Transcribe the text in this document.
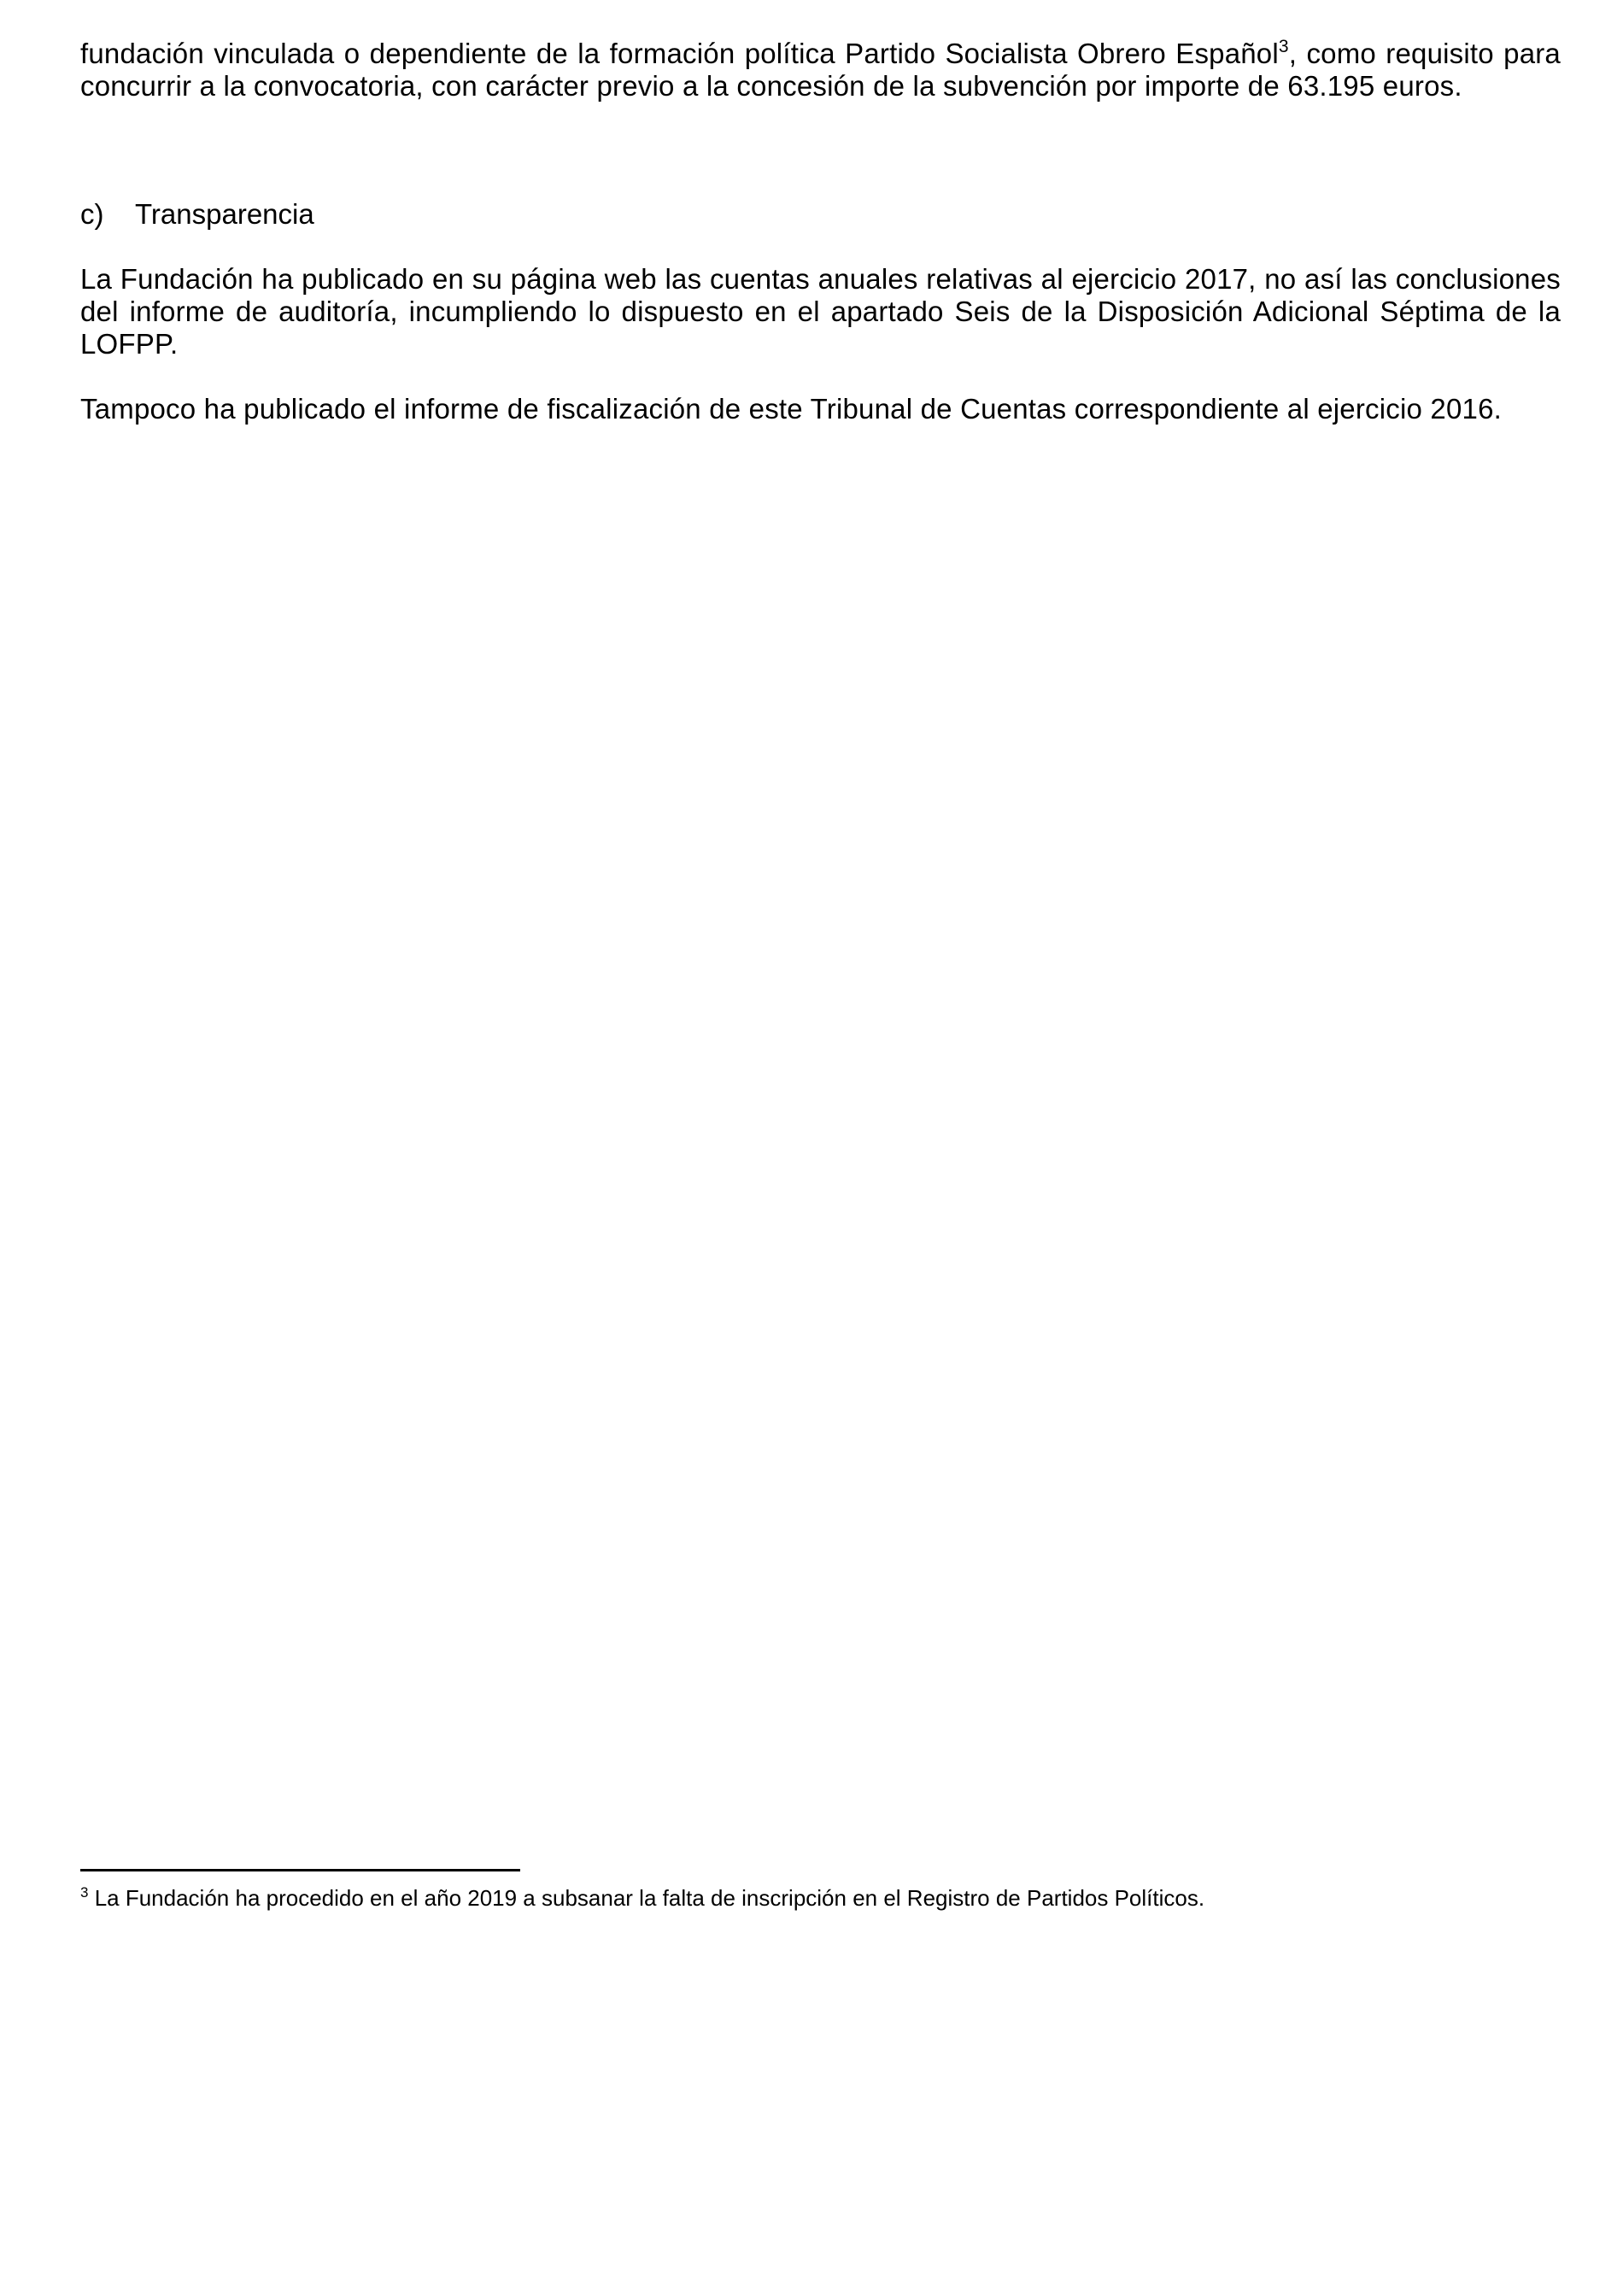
fundación vinculada o dependiente de la formación política Partido Socialista Obrero Español$^3$, como requisito para concurrir a la convocatoria, con carácter previo a la concesión de la subvención por importe de 63.195 euros.

c) Transparencia

La Fundación ha publicado en su página web las cuentas anuales relativas al ejercicio 2017, no así las conclusiones del informe de auditoría, incumpliendo lo dispuesto en el apartado Seis de la Disposición Adicional Séptima de la LOFPP.

Tampoco ha publicado el informe de fiscalización de este Tribunal de Cuentas correspondiente al ejercicio 2016.

$^3$ La Fundación ha procedido en el año 2019 a subsanar la falta de inscripción en el Registro de Partidos Políticos.
